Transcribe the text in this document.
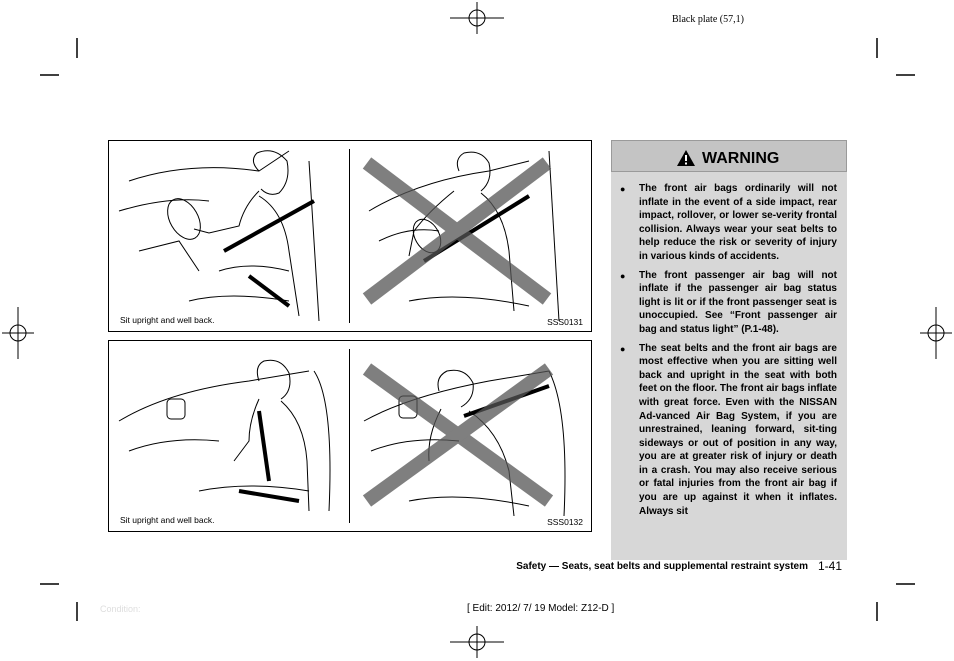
Black plate (57,1)
Sit upright and well back.	SSS0131
Sit upright and well back.	SSS0132
WARNING
● The front air bags ordinarily will not inflate in the event of a side impact, rear impact, rollover, or lower se-verity frontal collision. Always wear your seat belts to help reduce the risk or severity of injury in various kinds of accidents.
● The front passenger air bag will not inflate if the passenger air bag status light is lit or if the front passenger seat is unoccupied. See “Front passenger air bag and status light” (P.1-48).
● The seat belts and the front air bags are most effective when you are sitting well back and upright in the seat with both feet on the floor. The front air bags inflate with great force. Even with the NISSAN Ad-vanced Air Bag System, if you are unrestrained, leaning forward, sit-ting sideways or out of position in any way, you are at greater risk of injury or death in a crash. You may also receive serious or fatal injuries from the front air bag if you are up against it when it inflates. Always sit
Safety — Seats, seat belts and supplemental restraint system 1-41
Condition:	[ Edit: 2012/ 7/ 19 Model: Z12-D ]
